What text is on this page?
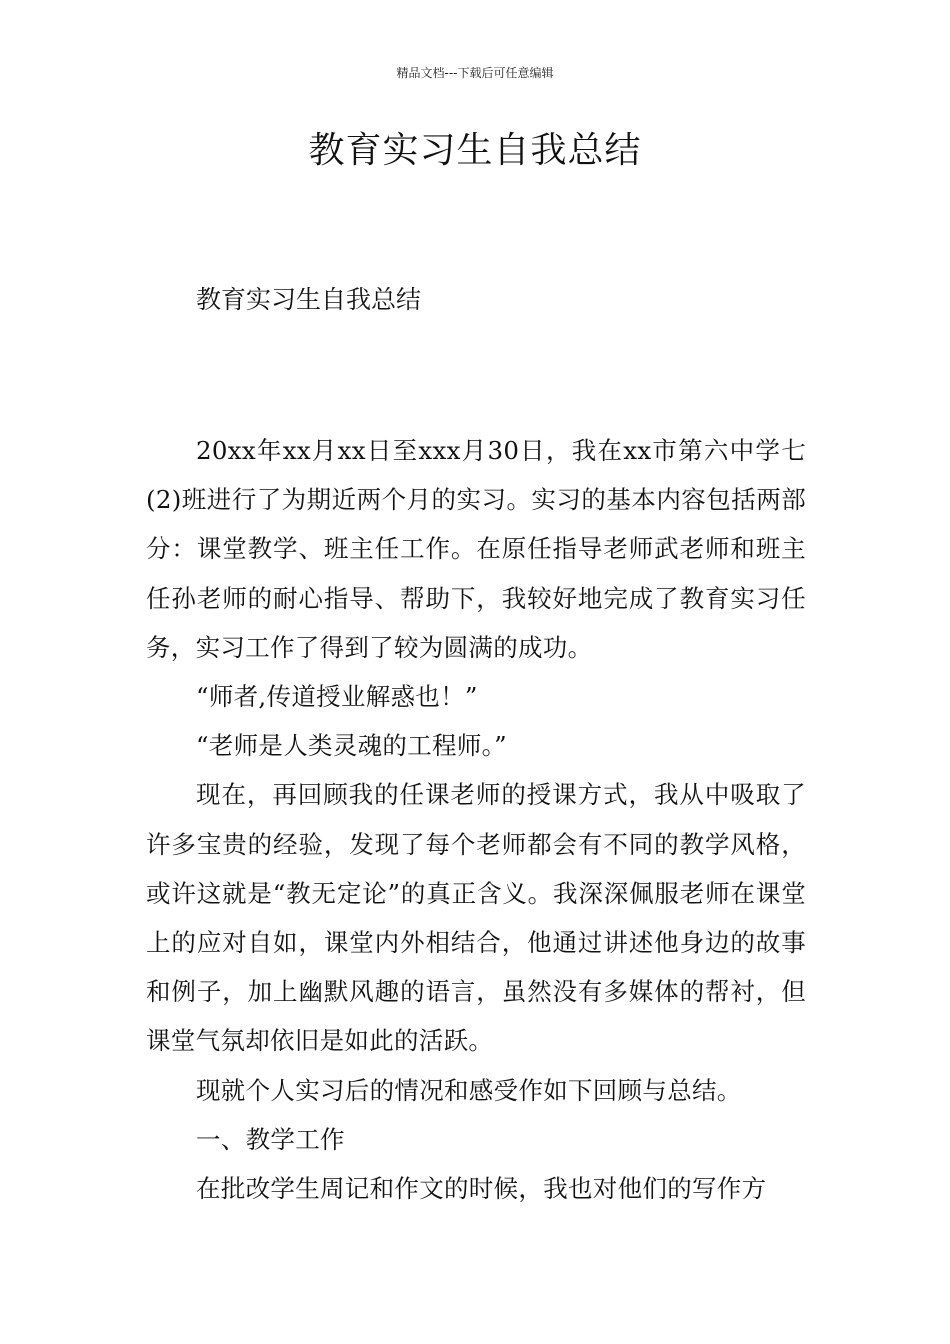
精品文档---下载后可任意编辑
教育实习生自我总结

教育实习生自我总结

20xx年xx月xx日至xxx月30日，我在xx市第六中学七(2)班进行了为期近两个月的实习。实习的基本内容包括两部分：课堂教学、班主任工作。在原任指导老师武老师和班主任孙老师的耐心指导、帮助下，我较好地完成了教育实习任务，实习工作了得到了较为圆满的成功。

“师者,传道授业解惑也！”

“老师是人类灵魂的工程师。”

现在，再回顾我的任课老师的授课方式，我从中吸取了许多宝贵的经验，发现了每个老师都会有不同的教学风格，或许这就是“教无定论”的真正含义。我深深佩服老师在课堂上的应对自如，课堂内外相结合，他通过讲述他身边的故事和例子，加上幽默风趣的语言，虽然没有多媒体的帮衬，但课堂气氛却依旧是如此的活跃。

现就个人实习后的情况和感受作如下回顾与总结。

一、教学工作

在批改学生周记和作文的时候，我也对他们的写作方
